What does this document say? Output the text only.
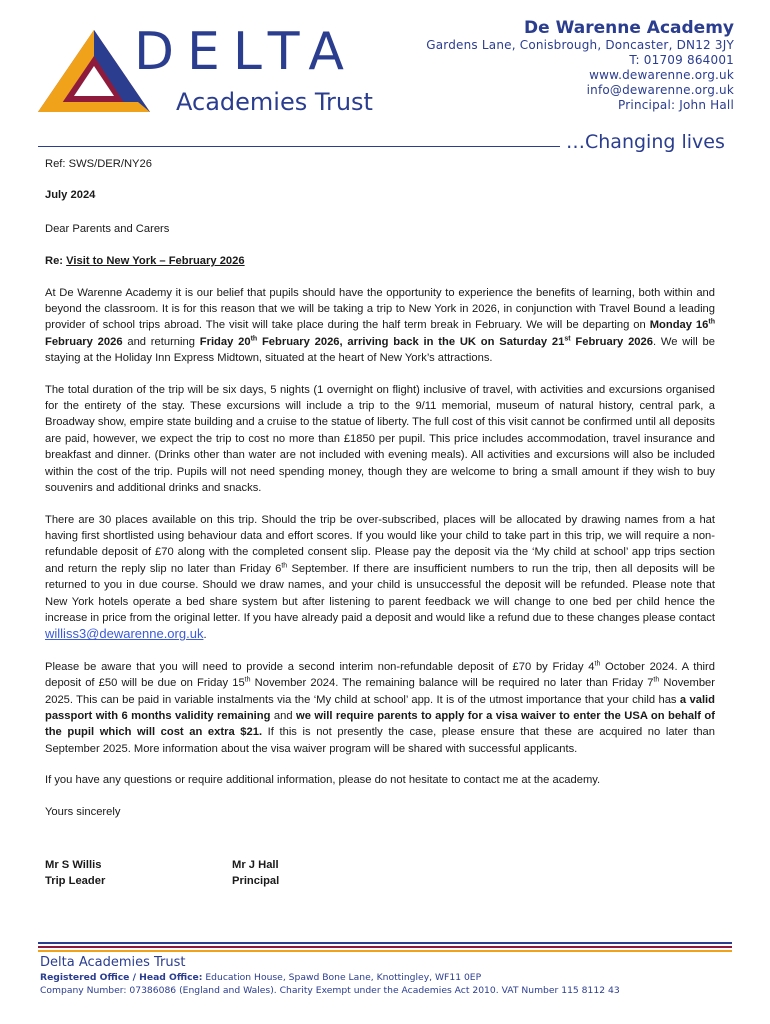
DELTA
Academies Trust
De Warenne Academy
Gardens Lane, Conisbrough, Doncaster, DN12 3JY
T: 01709 864001
www.dewarenne.org.uk
info@dewarenne.org.uk
Principal: John Hall
…Changing lives

Ref: SWS/DER/NY26

July 2024

Dear Parents and Carers

Re: Visit to New York – February 2026

At De Warenne Academy it is our belief that pupils should have the opportunity to experience the benefits of learning, both within and beyond the classroom. It is for this reason that we will be taking a trip to New York in 2026, in conjunction with Travel Bound a leading provider of school trips abroad. The visit will take place during the half term break in February. We will be departing on Monday 16th February 2026 and returning Friday 20th February 2026, arriving back in the UK on Saturday 21st February 2026. We will be staying at the Holiday Inn Express Midtown, situated at the heart of New York’s attractions.

The total duration of the trip will be six days, 5 nights (1 overnight on flight) inclusive of travel, with activities and excursions organised for the entirety of the stay. These excursions will include a trip to the 9/11 memorial, museum of natural history, central park, a Broadway show, empire state building and a cruise to the statue of liberty. The full cost of this visit cannot be confirmed until all deposits are paid, however, we expect the trip to cost no more than £1850 per pupil. This price includes accommodation, travel insurance and breakfast and dinner. (Drinks other than water are not included with evening meals). All activities and excursions will also be included within the cost of the trip. Pupils will not need spending money, though they are welcome to bring a small amount if they wish to buy souvenirs and additional drinks and snacks.

There are 30 places available on this trip. Should the trip be over-subscribed, places will be allocated by drawing names from a hat having first shortlisted using behaviour data and effort scores. If you would like your child to take part in this trip, we will require a non-refundable deposit of £70 along with the completed consent slip. Please pay the deposit via the ‘My child at school’ app trips section and return the reply slip no later than Friday 6th September. If there are insufficient numbers to run the trip, then all deposits will be returned to you in due course. Should we draw names, and your child is unsuccessful the deposit will be refunded. Please note that New York hotels operate a bed share system but after listening to parent feedback we will change to one bed per child hence the increase in price from the original letter. If you have already paid a deposit and would like a refund due to these changes please contact williss3@dewarenne.org.uk.

Please be aware that you will need to provide a second interim non-refundable deposit of £70 by Friday 4th October 2024. A third deposit of £50 will be due on Friday 15th November 2024. The remaining balance will be required no later than Friday 7th November 2025. This can be paid in variable instalments via the ‘My child at school’ app. It is of the utmost importance that your child has a valid passport with 6 months validity remaining and we will require parents to apply for a visa waiver to enter the USA on behalf of the pupil which will cost an extra $21. If this is not presently the case, please ensure that these are acquired no later than September 2025. More information about the visa waiver program will be shared with successful applicants.

If you have any questions or require additional information, please do not hesitate to contact me at the academy.

Yours sincerely

Mr S Willis
Trip Leader
Mr J Hall
Principal
Delta Academies Trust
Registered Office / Head Office: Education House, Spawd Bone Lane, Knottingley, WF11 0EP
Company Number: 07386086 (England and Wales). Charity Exempt under the Academies Act 2010. VAT Number 115 8112 43
